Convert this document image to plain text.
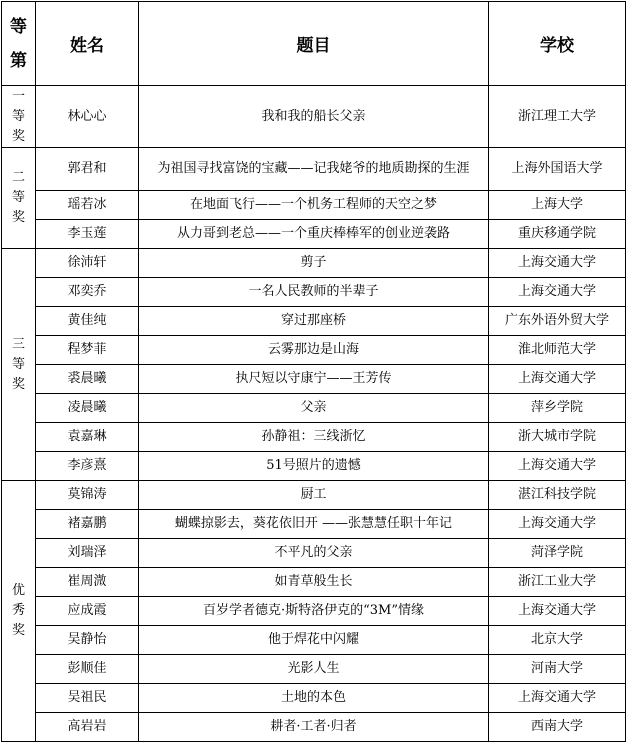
等第	姓名	题目	学校
一等奖	林心心	我和我的船长父亲	浙江理工大学
二等奖	郭君和	为祖国寻找富饶的宝藏——记我姥爷的地质勘探的生涯	上海外国语大学
	瑶若冰	在地面飞行——一个机务工程师的天空之梦	上海大学
	李玉莲	从力哥到老总——一个重庆棒棒军的创业逆袭路	重庆移通学院
三等奖	徐沛轩	剪子	上海交通大学
	邓奕乔	一名人民教师的半辈子	上海交通大学
	黄佳纯	穿过那座桥	广东外语外贸大学
	程梦菲	云雾那边是山海	淮北师范大学
	裘晨曦	执尺短以守康宁——王芳传	上海交通大学
	凌晨曦	父亲	萍乡学院
	袁嘉琳	孙静祖：三线浙忆	浙大城市学院
	李彦熹	51号照片的遗憾	上海交通大学
优秀奖	莫锦涛	厨工	湛江科技学院
	褚嘉鹏	蝴蝶掠影去，葵花依旧开 ——张慧慧任职十年记	上海交通大学
	刘瑞泽	不平凡的父亲	菏泽学院
	崔周溦	如青草般生长	浙江工业大学
	应成霞	百岁学者德克·斯特洛伊克的“3M”情缘	上海交通大学
	吴静怡	他于焊花中闪耀	北京大学
	彭顺佳	光影人生	河南大学
	吴祖民	土地的本色	上海交通大学
	高岩岩	耕者·工者·归者	西南大学
